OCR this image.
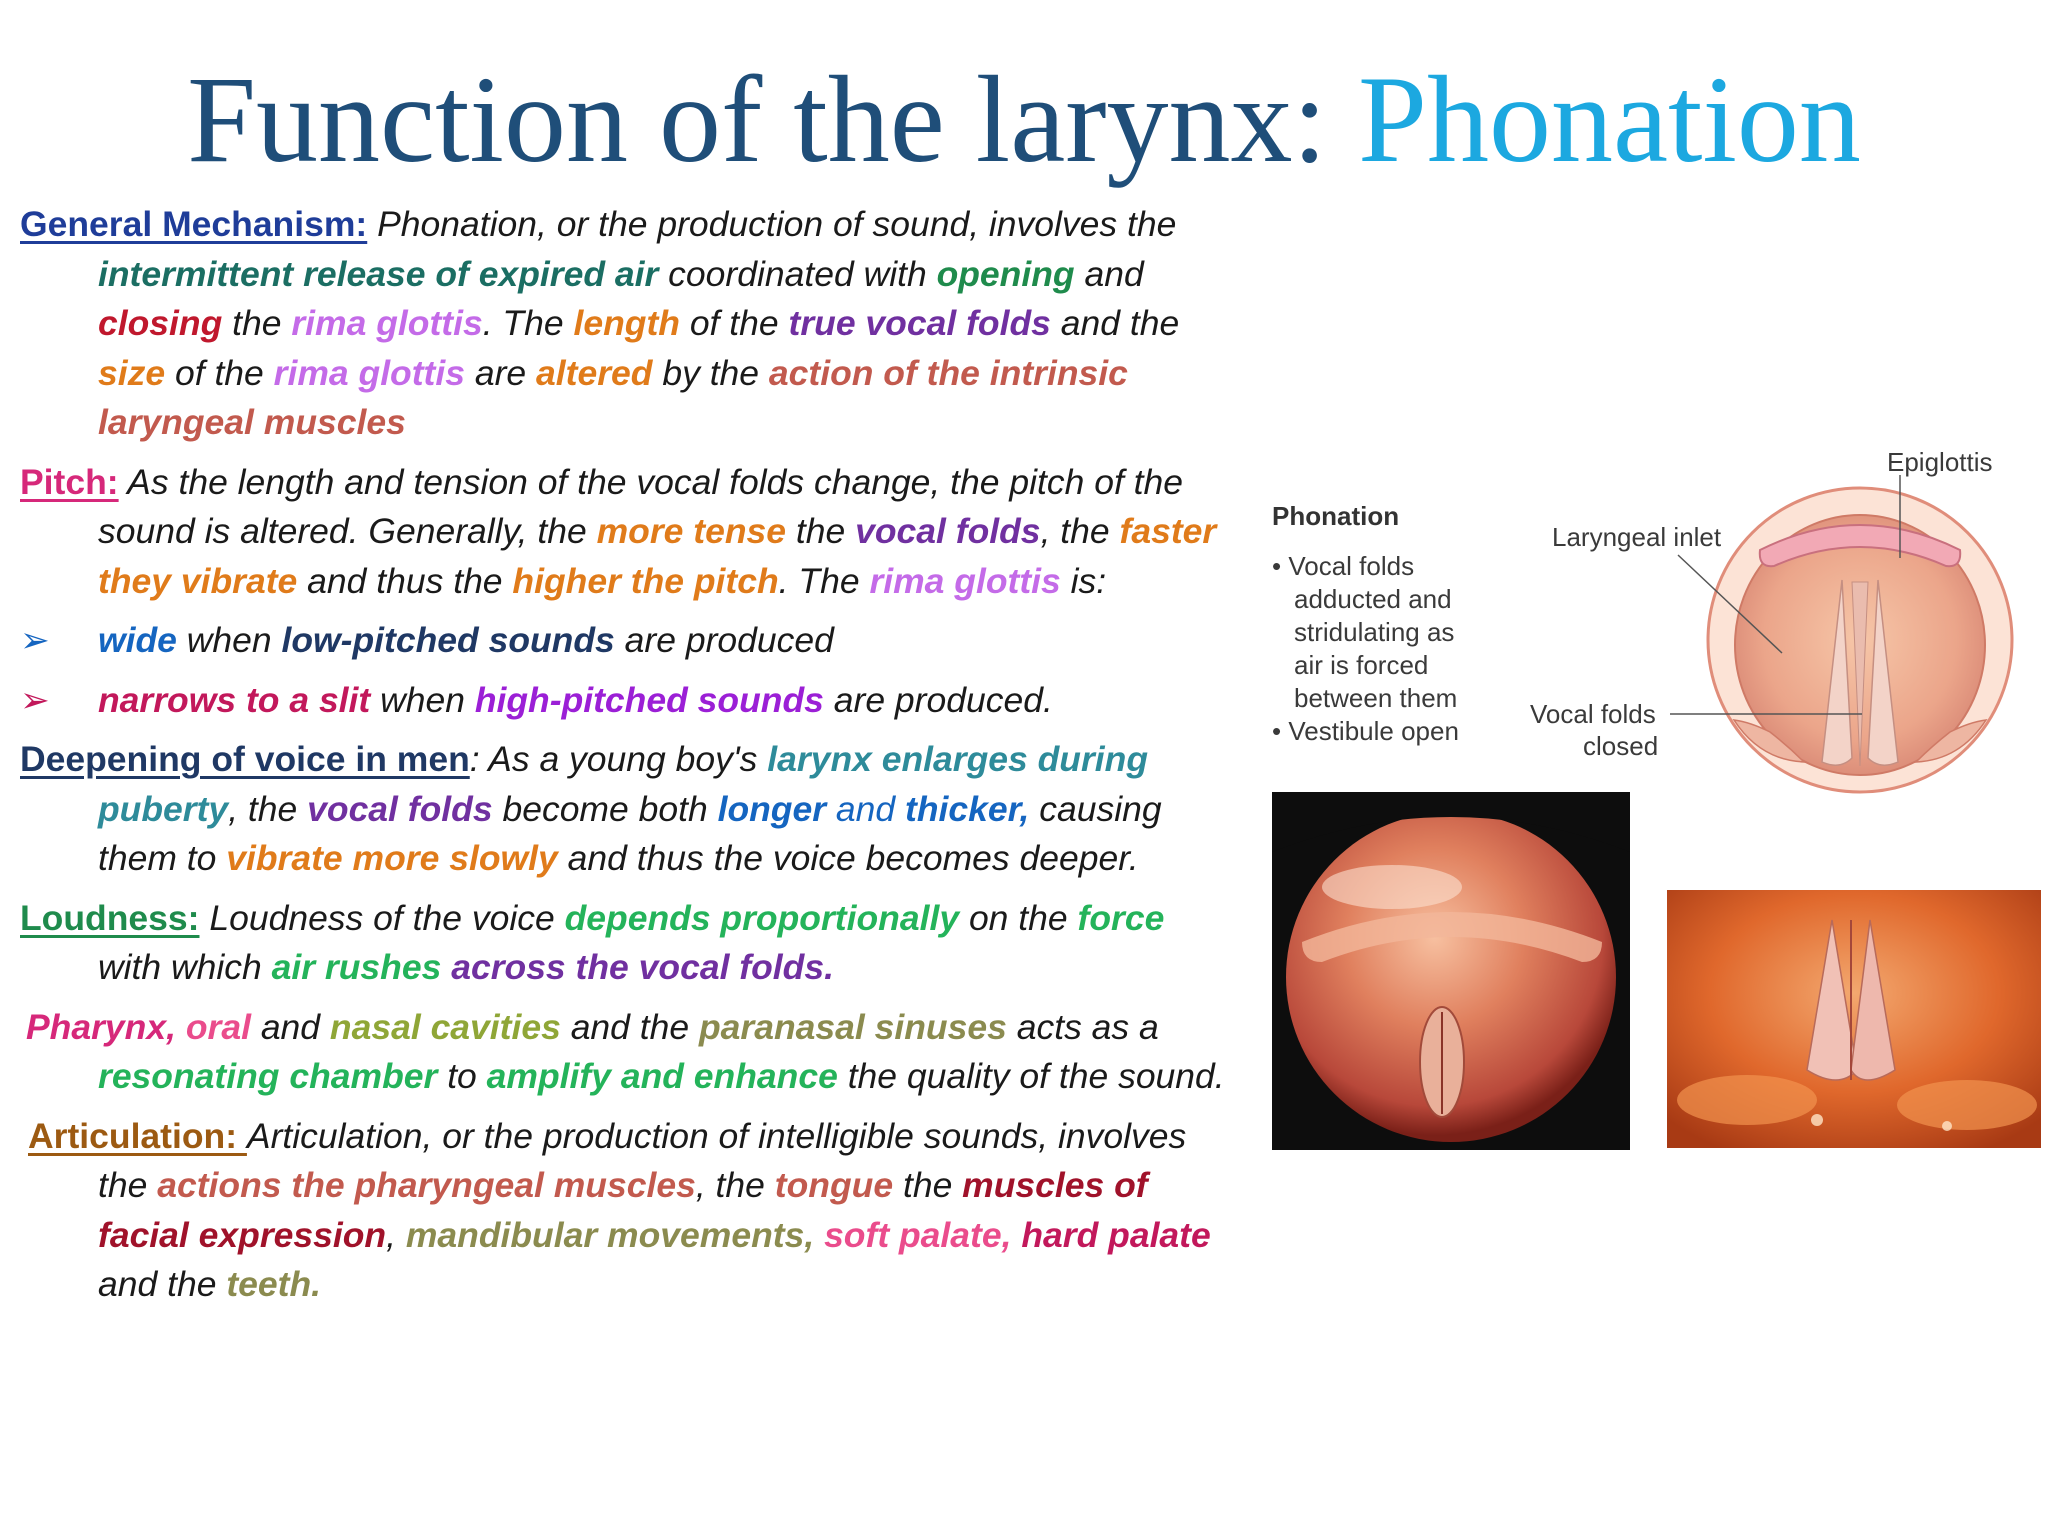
Function of the larynx: Phonation

General Mechanism: Phonation, or the production of sound, involves the intermittent release of expired air coordinated with opening and closing the rima glottis. The length of the true vocal folds and the size of the rima glottis are altered by the action of the intrinsic laryngeal muscles

Pitch: As the length and tension of the vocal folds change, the pitch of the sound is altered. Generally, the more tense the vocal folds, the faster they vibrate and thus the higher the pitch. The rima glottis is:

➢ wide when low-pitched sounds are produced

➢ narrows to a slit when high-pitched sounds are produced.

Deepening of voice in men: As a young boy's larynx enlarges during puberty, the vocal folds become both longer and thicker, causing them to vibrate more slowly and thus the voice becomes deeper.

Loudness: Loudness of the voice depends proportionally on the force with which air rushes across the vocal folds.

Pharynx, oral and nasal cavities and the paranasal sinuses acts as a resonating chamber to amplify and enhance the quality of the sound.

Articulation: Articulation, or the production of intelligible sounds, involves the actions the pharyngeal muscles, the tongue the muscles of facial expression, mandibular movements, soft palate, hard palate and the teeth.

Phonation
• Vocal folds
adducted and
stridulating as
air is forced
between them
• Vestibule open
Epiglottis
Laryngeal inlet
Vocal folds
closed
